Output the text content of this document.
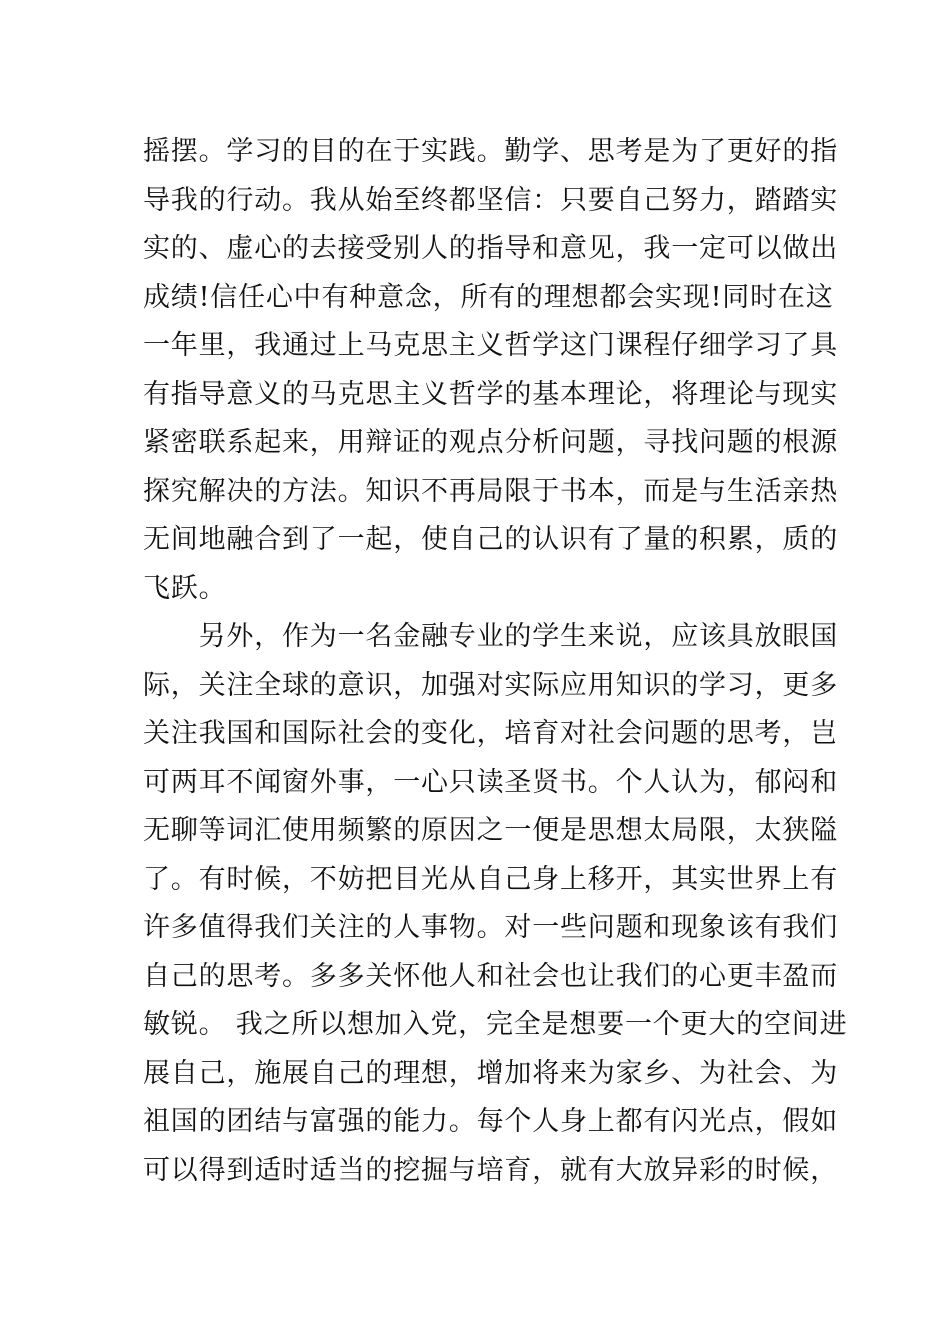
摇摆。学习的目的在于实践。勤学、思考是为了更好的指
导我的行动。我从始至终都坚信：只要自己努力，踏踏实
实的、虚心的去接受别人的指导和意见，我一定可以做出
成绩!信任心中有种意念，所有的理想都会实现!同时在这
一年里，我通过上马克思主义哲学这门课程仔细学习了具
有指导意义的马克思主义哲学的基本理论，将理论与现实
紧密联系起来，用辩证的观点分析问题，寻找问题的根源
探究解决的方法。知识不再局限于书本，而是与生活亲热
无间地融合到了一起，使自己的认识有了量的积累，质的
飞跃。
　　另外，作为一名金融专业的学生来说，应该具放眼国
际，关注全球的意识，加强对实际应用知识的学习，更多
关注我国和国际社会的变化，培育对社会问题的思考，岂
可两耳不闻窗外事，一心只读圣贤书。个人认为，郁闷和
无聊等词汇使用频繁的原因之一便是思想太局限，太狭隘
了。有时候，不妨把目光从自己身上移开，其实世界上有
许多值得我们关注的人事物。对一些问题和现象该有我们
自己的思考。多多关怀他人和社会也让我们的心更丰盈而
敏锐。 我之所以想加入党，完全是想要一个更大的空间进
展自己，施展自己的理想，增加将来为家乡、为社会、为
祖国的团结与富强的能力。每个人身上都有闪光点，假如
可以得到适时适当的挖掘与培育，就有大放异彩的时候，
